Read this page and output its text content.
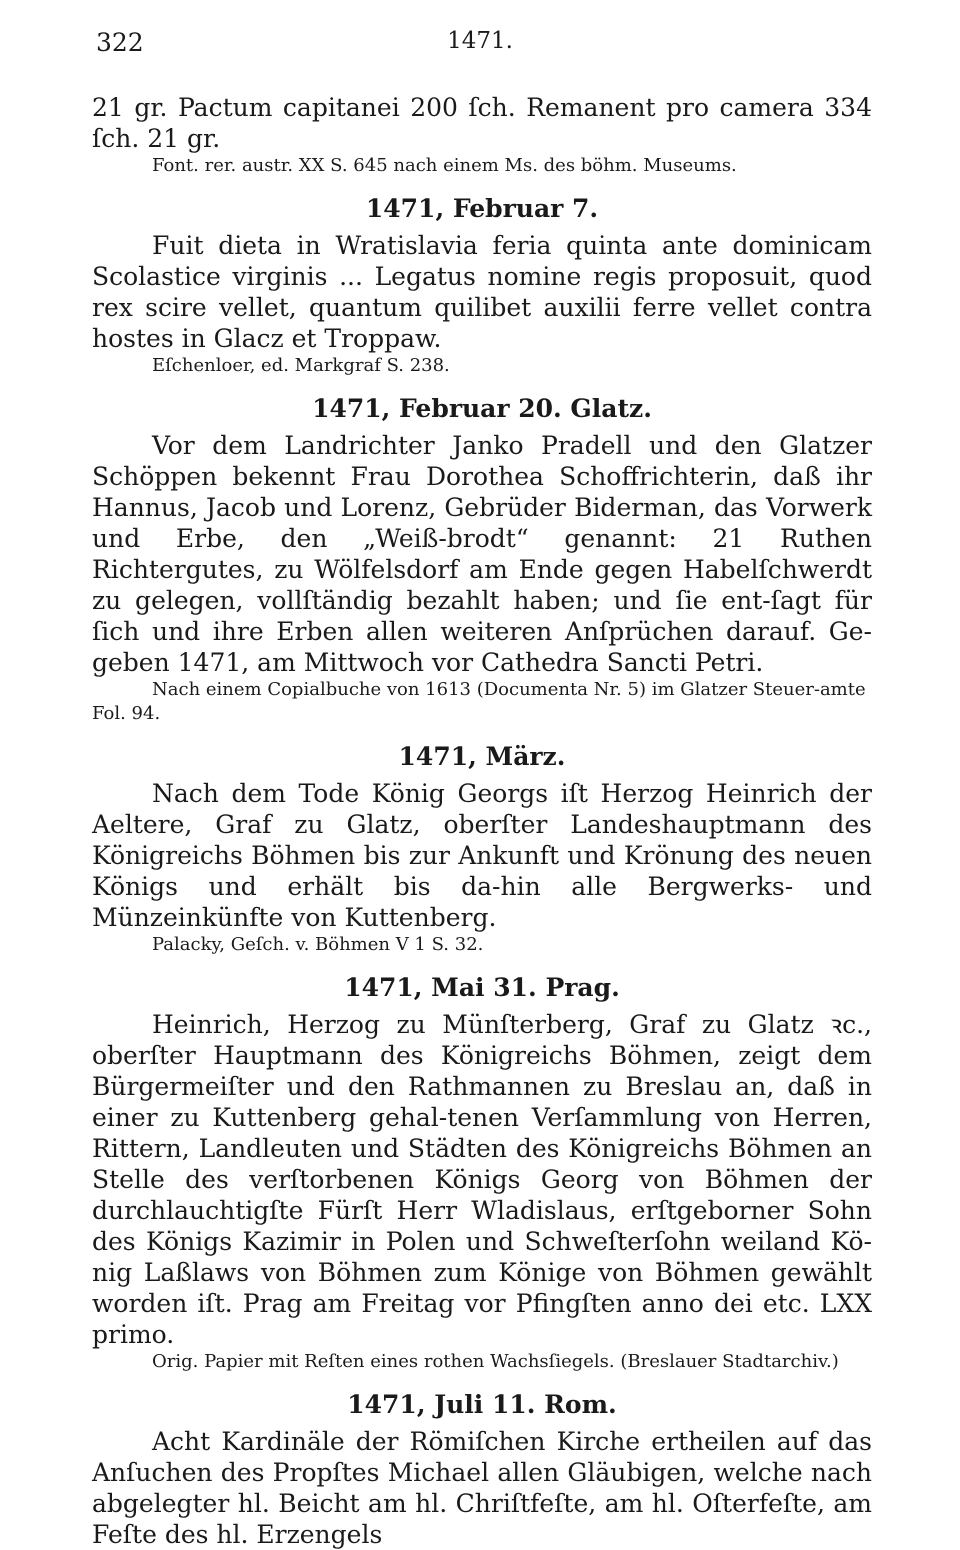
322	1471.

21 gr. Pactum capitanei 200 ſch. Remanent pro camera 334 ſch. 21 gr.

Font. rer. austr. XX S. 645 nach einem Ms. des böhm. Museums.

1471, Februar 7.

Fuit dieta in Wratislavia feria quinta ante dominicam Scolastice virginis ... Legatus nomine regis proposuit, quod rex scire vellet, quantum quilibet auxilii ferre vellet contra hostes in Glacz et Troppaw.

Eſchenloer, ed. Markgraf S. 238.

1471, Februar 20. Glatz.

Vor dem Landrichter Janko Pradell und den Glatzer Schöppen bekennt Frau Dorothea Schoffrichterin, daß ihr Hannus, Jacob und Lorenz, Gebrüder Biderman, das Vorwerk und Erbe, den „Weiß-brodt“ genannt: 21 Ruthen Richtergutes, zu Wölfelsdorf am Ende gegen Habelſchwerdt zu gelegen, vollſtändig bezahlt haben; und ſie ent-ſagt für ſich und ihre Erben allen weiteren Anſprüchen darauf. Ge-geben 1471, am Mittwoch vor Cathedra Sancti Petri.

Nach einem Copialbuche von 1613 (Documenta Nr. 5) im Glatzer Steuer-amte Fol. 94.

1471, März.

Nach dem Tode König Georgs iſt Herzog Heinrich der Aeltere, Graf zu Glatz, oberſter Landeshauptmann des Königreichs Böhmen bis zur Ankunft und Krönung des neuen Königs und erhält bis da-hin alle Bergwerks- und Münzeinkünfte von Kuttenberg.

Palacky, Geſch. v. Böhmen V 1 S. 32.

1471, Mai 31. Prag.

Heinrich, Herzog zu Münſterberg, Graf zu Glatz ꝛc., oberſter Hauptmann des Königreichs Böhmen, zeigt dem Bürgermeiſter und den Rathmannen zu Breslau an, daß in einer zu Kuttenberg gehal-tenen Verſammlung von Herren, Rittern, Landleuten und Städten des Königreichs Böhmen an Stelle des verſtorbenen Königs Georg von Böhmen der durchlauchtigſte Fürſt Herr Wladislaus, erſtgeborner Sohn des Königs Kazimir in Polen und Schweſterſohn weiland Kö-nig Laßlaws von Böhmen zum Könige von Böhmen gewählt worden iſt. Prag am Freitag vor Pfingſten anno dei etc. LXX primo.

Orig. Papier mit Reſten eines rothen Wachsſiegels. (Breslauer Stadtarchiv.)

1471, Juli 11. Rom.

Acht Kardinäle der Römiſchen Kirche ertheilen auf das Anſuchen des Propſtes Michael allen Gläubigen, welche nach abgelegter hl. Beicht am hl. Chriſtfeſte, am hl. Oſterfeſte, am Feſte des hl. Erzengels
